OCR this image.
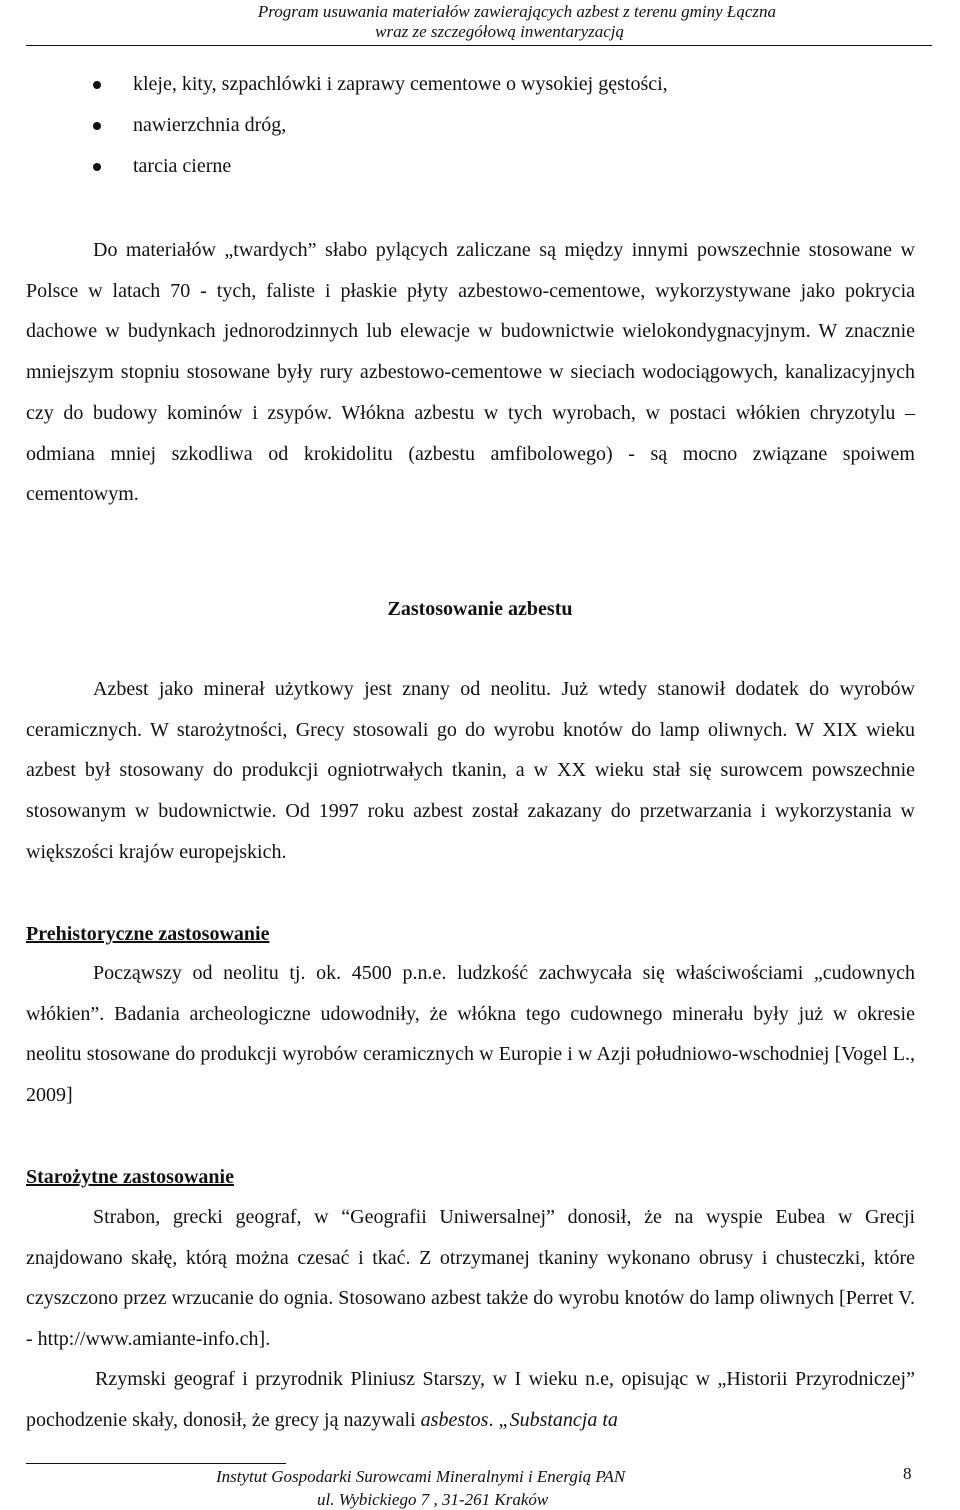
Program usuwania materiałów zawierających azbest z terenu gminy Łączna
wraz ze szczegółową inwentaryzacją
kleje, kity, szpachlówki i zaprawy cementowe o wysokiej gęstości,
nawierzchnia dróg,
tarcia cierne

Do materiałów „twardych” słabo pylących zaliczane są między innymi powszechnie stosowane w Polsce w latach 70 - tych, faliste i płaskie płyty azbestowo-cementowe, wykorzystywane jako pokrycia dachowe w budynkach jednorodzinnych lub elewacje w budownictwie wielokondygnacyjnym. W znacznie mniejszym stopniu stosowane były rury azbestowo-cementowe w sieciach wodociągowych, kanalizacyjnych czy do budowy kominów i zsypów. Włókna azbestu w tych wyrobach, w postaci włókien chryzotylu – odmiana mniej szkodliwa od krokidolitu (azbestu amfibolowego) - są mocno związane spoiwem cementowym.

Zastosowanie azbestu

Azbest jako minerał użytkowy jest znany od neolitu. Już wtedy stanowił dodatek do wyrobów ceramicznych. W starożytności, Grecy stosowali go do wyrobu knotów do lamp oliwnych. W XIX wieku azbest był stosowany do produkcji ogniotrwałych tkanin, a w XX wieku stał się surowcem powszechnie stosowanym w budownictwie. Od 1997 roku azbest został zakazany do przetwarzania i wykorzystania w większości krajów europejskich.

Prehistoryczne zastosowanie

Począwszy od neolitu tj. ok. 4500 p.n.e. ludzkość zachwycała się właściwościami „cudownych włókien”. Badania archeologiczne udowodniły, że włókna tego cudownego minerału były już w okresie neolitu stosowane do produkcji wyrobów ceramicznych w Europie i w Azji południowo-wschodniej [Vogel L., 2009]

Starożytne zastosowanie

Strabon, grecki geograf, w “Geografii Uniwersalnej” donosił, że na wyspie Eubea w Grecji znajdowano skałę, którą można czesać i tkać. Z otrzymanej tkaniny wykonano obrusy i chusteczki, które czyszczono przez wrzucanie do ognia. Stosowano azbest także do wyrobu knotów do lamp oliwnych [Perret V. - http://www.amiante-info.ch].

Rzymski geograf i przyrodnik Pliniusz Starszy, w I wieku n.e, opisując w „Historii Przyrodniczej” pochodzenie skały, donosił, że grecy ją nazywali asbestos. „Substancja ta

Instytut Gospodarki Surowcami Mineralnymi i Energią PAN
ul. Wybickiego 7 , 31-261 Kraków
8
